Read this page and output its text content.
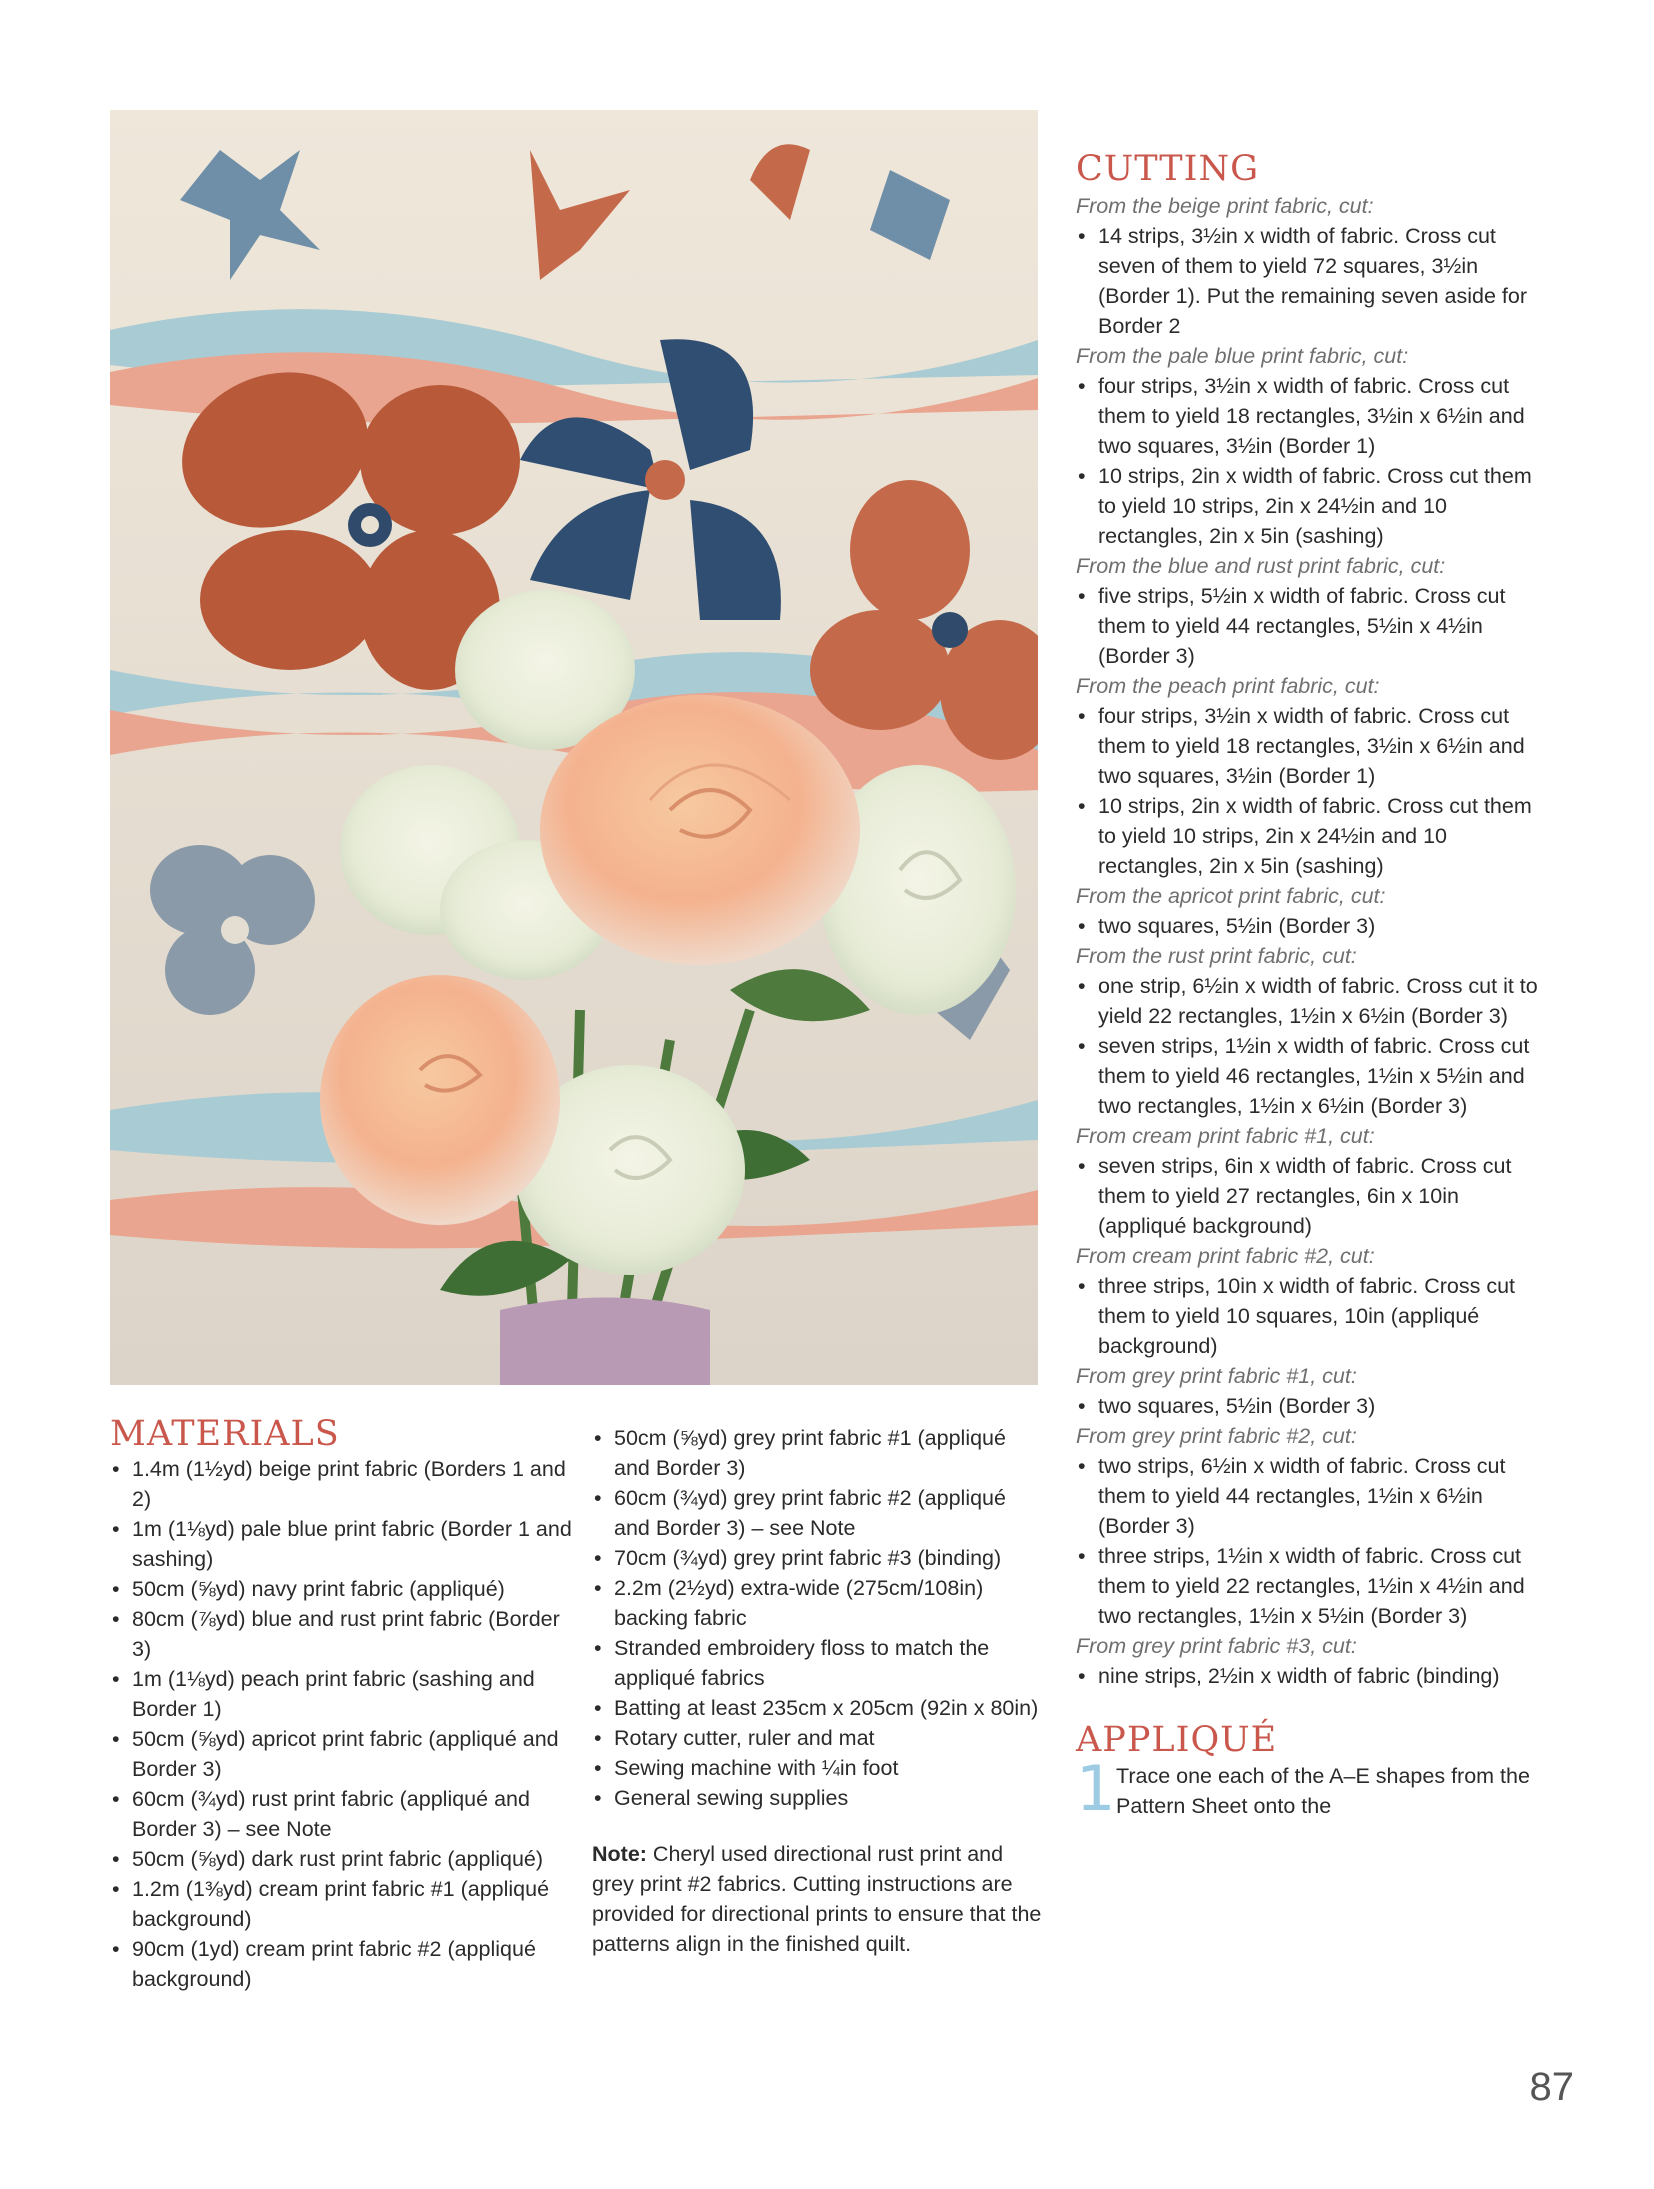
CUTTING
From the beige print fabric, cut:
• 14 strips, 3½in x width of fabric. Cross cut seven of them to yield 72 squares, 3½in (Border 1). Put the remaining seven aside for Border 2
From the pale blue print fabric, cut:
• four strips, 3½in x width of fabric. Cross cut them to yield 18 rectangles, 3½in x 6½in and two squares, 3½in (Border 1)
• 10 strips, 2in x width of fabric. Cross cut them to yield 10 strips, 2in x 24½in and 10 rectangles, 2in x 5in (sashing)
From the blue and rust print fabric, cut:
• five strips, 5½in x width of fabric. Cross cut them to yield 44 rectangles, 5½in x 4½in (Border 3)
From the peach print fabric, cut:
• four strips, 3½in x width of fabric. Cross cut them to yield 18 rectangles, 3½in x 6½in and two squares, 3½in (Border 1)
• 10 strips, 2in x width of fabric. Cross cut them to yield 10 strips, 2in x 24½in and 10 rectangles, 2in x 5in (sashing)
From the apricot print fabric, cut:
• two squares, 5½in (Border 3)
From the rust print fabric, cut:
• one strip, 6½in x width of fabric. Cross cut it to yield 22 rectangles, 1½in x 6½in (Border 3)
• seven strips, 1½in x width of fabric. Cross cut them to yield 46 rectangles, 1½in x 5½in and two rectangles, 1½in x 6½in (Border 3)
From cream print fabric #1, cut:
• seven strips, 6in x width of fabric. Cross cut them to yield 27 rectangles, 6in x 10in (appliqué background)
From cream print fabric #2, cut:
• three strips, 10in x width of fabric. Cross cut them to yield 10 squares, 10in (appliqué background)
From grey print fabric #1, cut:
• two squares, 5½in (Border 3)
From grey print fabric #2, cut:
• two strips, 6½in x width of fabric. Cross cut them to yield 44 rectangles, 1½in x 6½in (Border 3)
• three strips, 1½in x width of fabric. Cross cut them to yield 22 rectangles, 1½in x 4½in and two rectangles, 1½in x 5½in (Border 3)
From grey print fabric #3, cut:
• nine strips, 2½in x width of fabric (binding)
APPLIQUÉ
1 Trace one each of the A–E shapes from the Pattern Sheet onto the
MATERIALS
• 1.4m (1½yd) beige print fabric (Borders 1 and 2)
• 1m (1⅛yd) pale blue print fabric (Border 1 and sashing)
• 50cm (⅝yd) navy print fabric (appliqué)
• 80cm (⅞yd) blue and rust print fabric (Border 3)
• 1m (1⅛yd) peach print fabric (sashing and Border 1)
• 50cm (⅝yd) apricot print fabric (appliqué and Border 3)
• 60cm (¾yd) rust print fabric (appliqué and Border 3) – see Note
• 50cm (⅝yd) dark rust print fabric (appliqué)
• 1.2m (1⅜yd) cream print fabric #1 (appliqué background)
• 90cm (1yd) cream print fabric #2 (appliqué background)
• 50cm (⅝yd) grey print fabric #1 (appliqué and Border 3)
• 60cm (¾yd) grey print fabric #2 (appliqué and Border 3) – see Note
• 70cm (¾yd) grey print fabric #3 (binding)
• 2.2m (2½yd) extra-wide (275cm/108in) backing fabric
• Stranded embroidery floss to match the appliqué fabrics
• Batting at least 235cm x 205cm (92in x 80in)
• Rotary cutter, ruler and mat
• Sewing machine with ¼in foot
• General sewing supplies
Note: Cheryl used directional rust print and grey print #2 fabrics. Cutting instructions are provided for directional prints to ensure that the patterns align in the finished quilt.
87
